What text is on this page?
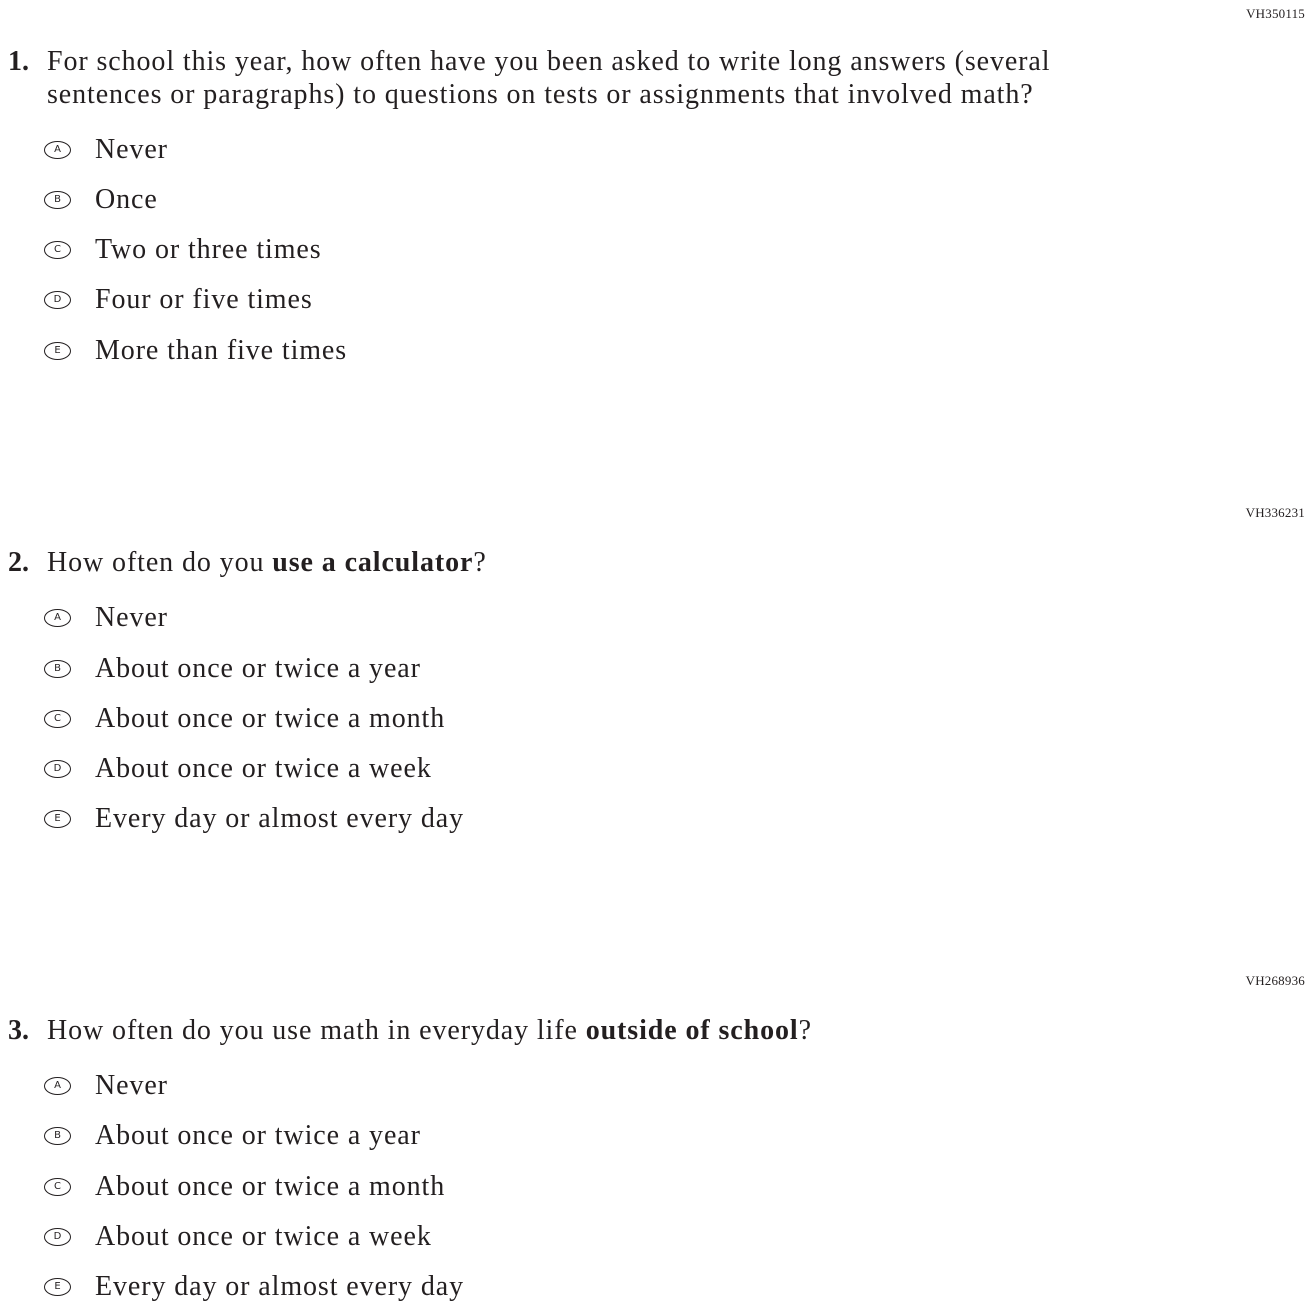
VH350115
1. For school this year, how often have you been asked to write long answers (several sentences or paragraphs) to questions on tests or assignments that involved math?
A	Never
B	Once
C	Two or three times
D	Four or five times
E	More than five times
VH336231
2. How often do you use a calculator?
A	Never
B	About once or twice a year
C	About once or twice a month
D	About once or twice a week
E	Every day or almost every day
VH268936
3. How often do you use math in everyday life outside of school?
A	Never
B	About once or twice a year
C	About once or twice a month
D	About once or twice a week
E	Every day or almost every day
